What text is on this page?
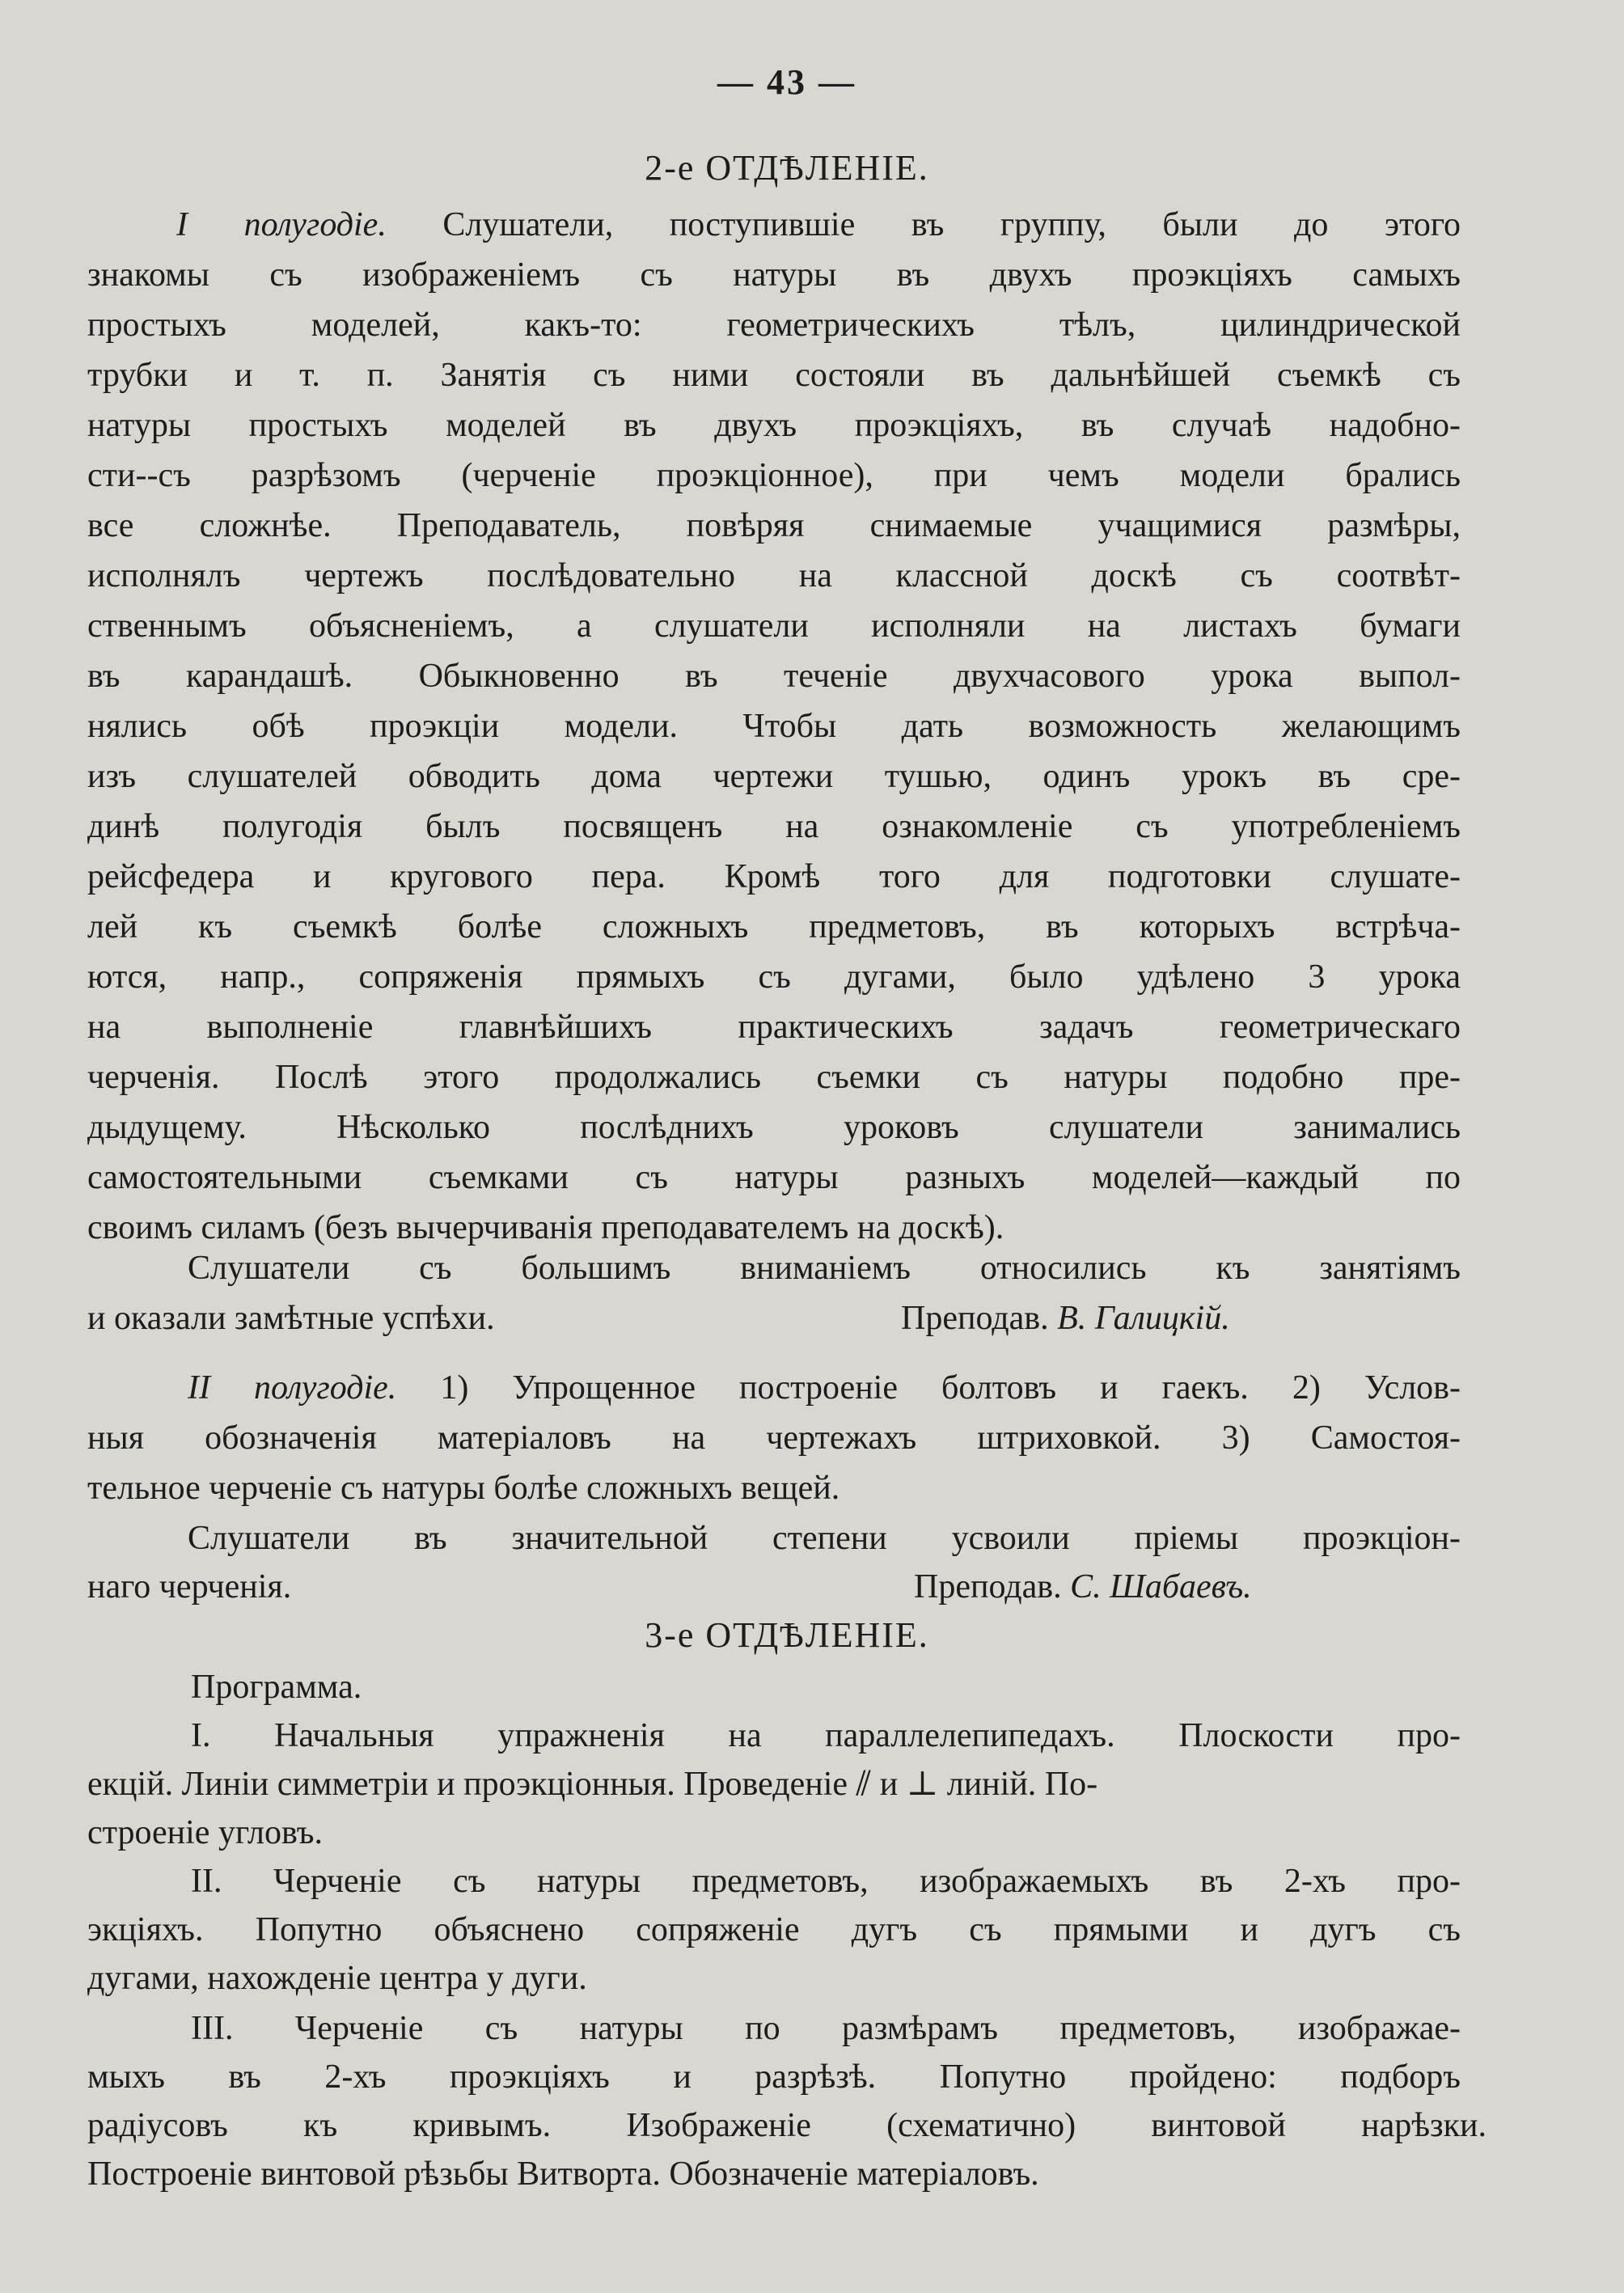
— 43 —
2-е ОТДѢЛЕНІЕ.
I полугодіе. Слушатели, поступившіе въ группу, были до этого
знакомы съ изображеніемъ съ натуры въ двухъ проэкціяхъ самыхъ
простыхъ моделей, какъ-то: геометрическихъ тѣлъ, цилиндрической
трубки и т. п. Занятія съ ними состояли въ дальнѣйшей съемкѣ съ
натуры простыхъ моделей въ двухъ проэкціяхъ, въ случаѣ надобно-
сти--съ разрѣзомъ (черченіе проэкціонное), при чемъ модели брались
все сложнѣе. Преподаватель, повѣряя снимаемые учащимися размѣры,
исполнялъ чертежъ послѣдовательно на классной доскѣ съ соотвѣт-
ственнымъ объясненіемъ, а слушатели исполняли на листахъ бумаги
въ карандашѣ. Обыкновенно въ теченіе двухчасового урока выпол-
нялись обѣ проэкціи модели. Чтобы дать возможность желающимъ
изъ слушателей обводить дома чертежи тушью, одинъ урокъ въ сре-
динѣ полугодія былъ посвященъ на ознакомленіе съ употребленіемъ
рейсфедера и кругового пера. Кромѣ того для подготовки слушате-
лей къ съемкѣ болѣе сложныхъ предметовъ, въ которыхъ встрѣча-
ются, напр., сопряженія прямыхъ съ дугами, было удѣлено 3 урока
на выполненіе главнѣйшихъ практическихъ задачъ геометрическаго
черченія. Послѣ этого продолжались съемки съ натуры подобно пре-
дыдущему. Нѣсколько послѣднихъ уроковъ слушатели занимались
самостоятельными съемками съ натуры разныхъ моделей—каждый по
своимъ силамъ (безъ вычерчиванія преподавателемъ на доскѣ).
Слушатели съ большимъ вниманіемъ относились къ занятіямъ
и оказали замѣтные успѣхи.	Преподав. В. Галицкій.
II полугодіе. 1) Упрощенное построеніе болтовъ и гаекъ. 2) Услов-
ныя обозначенія матеріаловъ на чертежахъ штриховкой. 3) Самостоя-
тельное черченіе съ натуры болѣе сложныхъ вещей.
Слушатели въ значительной степени усвоили пріемы проэкціон-
наго черченія.	Преподав. С. Шабаевъ.
3-е ОТДѢЛЕНІЕ.
Программа.
I. Начальныя упражненія на параллелепипедахъ. Плоскости про-
екцій. Линіи симметріи и проэкціонныя. Проведеніе ⫽ и ⊥ линій. По-
строеніе угловъ.
II. Черченіе съ натуры предметовъ, изображаемыхъ въ 2-хъ про-
экціяхъ. Попутно объяснено сопряженіе дугъ съ прямыми и дугъ съ
дугами, нахожденіе центра у дуги.
III. Черченіе съ натуры по размѣрамъ предметовъ, изображае-
мыхъ въ 2-хъ проэкціяхъ и разрѣзѣ. Попутно пройдено: подборъ
радіусовъ къ кривымъ. Изображеніе (схематично) винтовой нарѣзки.
Построеніе винтовой рѣзьбы Витворта. Обозначеніе матеріаловъ.
